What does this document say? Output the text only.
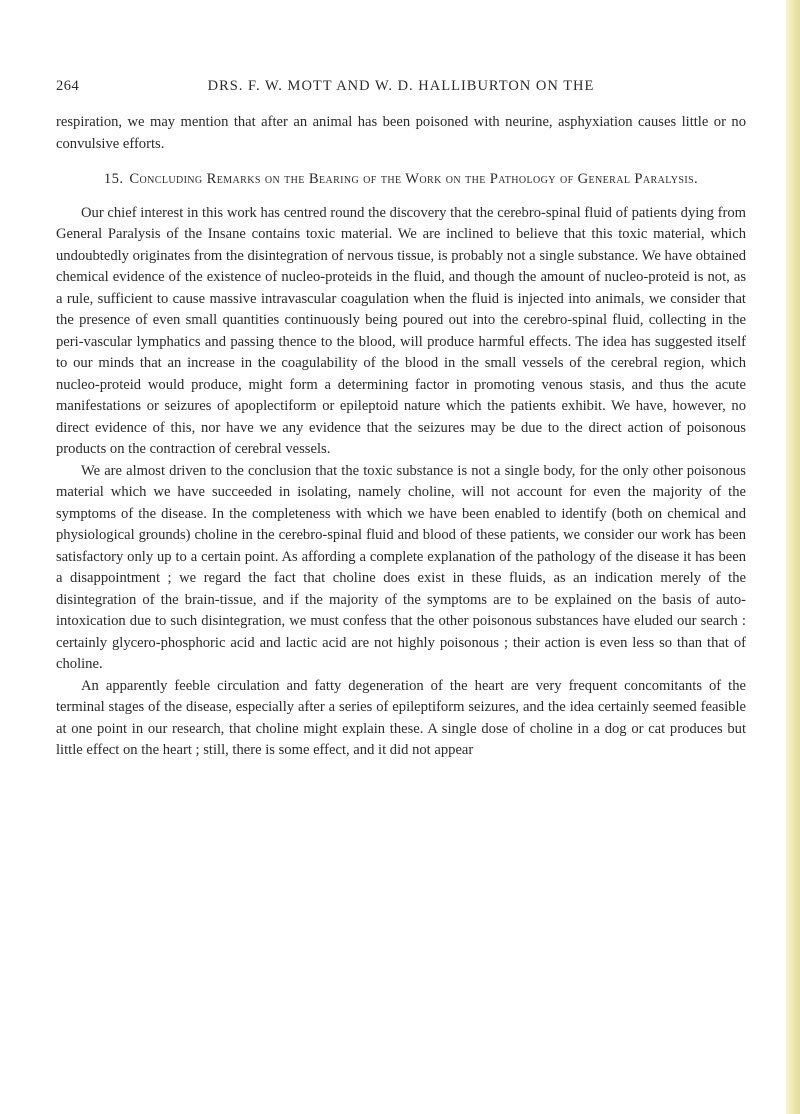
264	DRS. F. W. MOTT AND W. D. HALLIBURTON ON THE

respiration, we may mention that after an animal has been poisoned with neurine, asphyxiation causes little or no convulsive efforts.

15. Concluding Remarks on the Bearing of the Work on the Pathology of General Paralysis.

Our chief interest in this work has centred round the discovery that the cerebro-spinal fluid of patients dying from General Paralysis of the Insane contains toxic material. We are inclined to believe that this toxic material, which undoubtedly originates from the disintegration of nervous tissue, is probably not a single substance. We have obtained chemical evidence of the existence of nucleo-proteids in the fluid, and though the amount of nucleo-proteid is not, as a rule, sufficient to cause massive intravascular coagulation when the fluid is injected into animals, we consider that the presence of even small quantities continuously being poured out into the cerebro-spinal fluid, collecting in the peri-vascular lymphatics and passing thence to the blood, will produce harmful effects. The idea has suggested itself to our minds that an increase in the coagulability of the blood in the small vessels of the cerebral region, which nucleo-proteid would produce, might form a determining factor in promoting venous stasis, and thus the acute manifestations or seizures of apoplectiform or epileptoid nature which the patients exhibit. We have, however, no direct evidence of this, nor have we any evidence that the seizures may be due to the direct action of poisonous products on the contraction of cerebral vessels.

We are almost driven to the conclusion that the toxic substance is not a single body, for the only other poisonous material which we have succeeded in isolating, namely choline, will not account for even the majority of the symptoms of the disease. In the completeness with which we have been enabled to identify (both on chemical and physiological grounds) choline in the cerebro-spinal fluid and blood of these patients, we consider our work has been satisfactory only up to a certain point. As affording a complete explanation of the pathology of the disease it has been a disappointment ; we regard the fact that choline does exist in these fluids, as an indication merely of the disintegration of the brain-tissue, and if the majority of the symptoms are to be explained on the basis of auto-intoxication due to such disintegration, we must confess that the other poisonous substances have eluded our search : certainly glycero-phosphoric acid and lactic acid are not highly poisonous ; their action is even less so than that of choline.

An apparently feeble circulation and fatty degeneration of the heart are very frequent concomitants of the terminal stages of the disease, especially after a series of epileptiform seizures, and the idea certainly seemed feasible at one point in our research, that choline might explain these. A single dose of choline in a dog or cat produces but little effect on the heart ; still, there is some effect, and it did not appear
